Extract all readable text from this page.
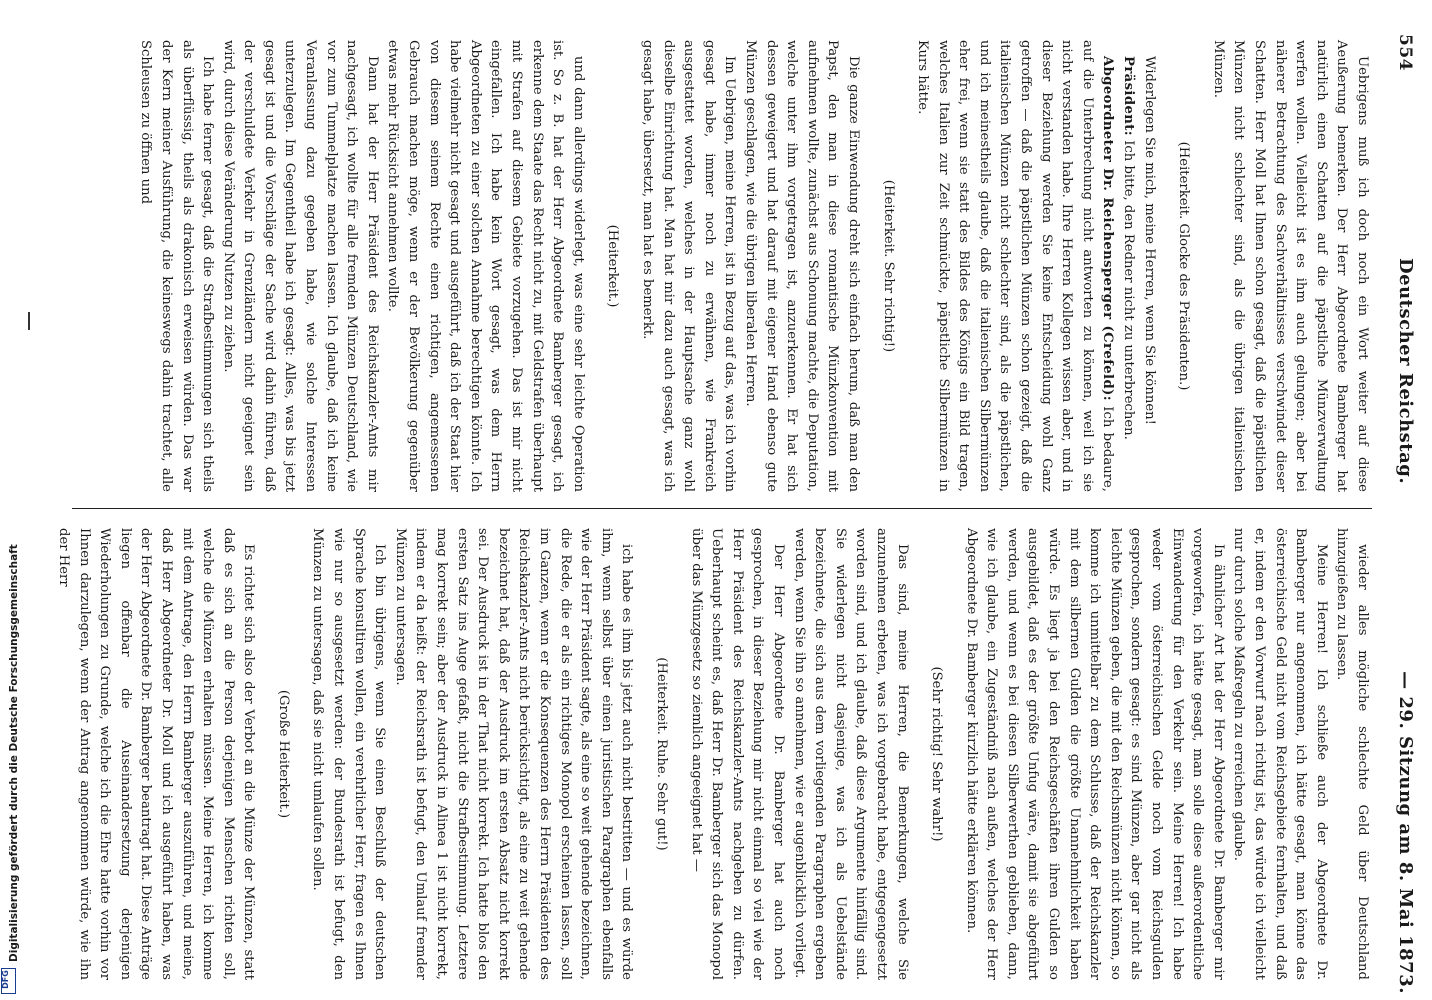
554
Deutscher Reichstag.
— 29. Sitzung am 8. Mai 1873.

Uebrigens muß ich doch noch ein Wort weiter auf diese Aeußerung bemerken. Der Herr Abgeordnete Bamberger hat natürlich einen Schatten auf die päpstliche Münzverwaltung werfen wollen. Vielleicht ist es ihm auch gelungen; aber bei näherer Betrachtung des Sachverhältnisses verschwindet dieser Schatten. Herr Moll hat Ihnen schon gesagt, daß die päpstlichen Münzen nicht schlechter sind, als die übrigen italienischen Münzen.

(Heiterkeit. Glocke des Präsidenten.)

Widerlegen Sie mich, meine Herren, wenn Sie können!

Präsident: Ich bitte, den Redner nicht zu unterbrechen.

Abgeordneter Dr. Reichensperger (Crefeld): Ich bedaure, auf die Unterbrechung nicht antworten zu können, weil ich sie nicht verstanden habe. Ihre Herren Kollegen wissen aber, und in dieser Beziehung werden Sie keine Entscheidung wohl Ganz getroffen — daß die päpstlichen Münzen schon gezeigt, daß die italienischen Münzen nicht schlechter sind, als die päpstlichen, und ich meinestheils glaube, daß die italienischen Silbermünzen eher frei, wenn sie statt des Bildes des Königs ein Bild tragen, welches Italien zur Zeit schmückte, päpstliche Silbermünzen in Kurs hätte.

(Heiterkeit. Sehr richtig!)

Die ganze Einwendung dreht sich einfach herum, daß man den Papst, den man in diese romantische Münzkonvention mit aufnehmen wollte, zunächst aus Schonung machte, die Deputation, welche unter ihm vorgetragen ist, anzuerkennen. Er hat sich dessen geweigert und hat darauf mit eigener Hand ebenso gute Münzen geschlagen, wie die übrigen liberalen Herren.

Im Uebrigen, meine Herren, ist in Bezug auf das, was ich vorhin gesagt habe, immer noch zu erwähnen, wie Frankreich ausgestattet worden, welches in der Hauptsache ganz wohl dieselbe Einrichtung hat. Man hat mir dazu auch gesagt, was ich gesagt habe, übersetzt, man hat es bemerkt.

(Heiterkeit.)

und dann allerdings widerlegt, was eine sehr leichte Operation ist. So z. B. hat der Herr Abgeordnete Bamberger gesagt, ich erkenne dem Staate das Recht nicht zu, mit Geldstrafen überhaupt mit Strafen auf diesem Gebiete vorzugehen. Das ist mir nicht eingefallen. Ich habe kein Wort gesagt, was dem Herrn Abgeordneten zu einer solchen Annahme berechtigen könnte. Ich habe vielmehr nicht gesagt und ausgeführt, daß ich der Staat hier von diesem seinem Rechte einen richtigen, angemessenen Gebrauch machen möge, wenn er der Bevölkerung gegenüber etwas mehr Rücksicht annehmen wollte.

Dann hat der Herr Präsident des Reichskanzler-Amts mir nachgesagt, ich wollte für alle fremden Münzen Deutschland, wie vor zum Tummelplatze machen lassen. Ich glaube, daß ich keine Veranlassung dazu gegeben habe, wie solche Interessen unterzulegen. Im Gegentheil habe ich gesagt: Alles, was bis jetzt gesagt ist und die Vorschläge der Sache wird dahin führen, daß der verschuldete Verkehr in Grenzländern nicht geeignet sein wird, durch diese Veränderung Nutzen zu ziehen.

Ich habe ferner gesagt, daß die Strafbestimmungen sich theils als überflüssig, theils als drakonisch erweisen würden. Das war der Kern meiner Ausführung, die keineswegs dahin trachtet, alle Schleusen zu öffnen und

wieder alles mögliche schlechte Geld über Deutschland hinzugießen zu lassen.

Meine Herren! Ich schließe auch der Abgeordnete Dr. Bamberger nur angenommen, ich hätte gesagt, man könne das österreichische Geld nicht vom Reichsgebiete fernhalten, und daß er, indem er den Vorwurf nach richtig ist, das würde ich vielleicht nur durch solche Maßregeln zu erreichen glaube.

In ähnlicher Art hat der Herr Abgeordnete Dr. Bamberger mir vorgeworfen, ich hätte gesagt, man solle diese außerordentliche Einwanderung für den Verkehr sein. Meine Herren! Ich habe weder vom österreichischen Gelde noch vom Reichsgulden gesprochen, sondern gesagt: es sind Münzen, aber gar nicht als leichte Münzen geben, die mit den Reichsmünzen nicht können, so komme ich unmittelbar zu dem Schlusse, daß der Reichskanzler mit dem silbernen Gulden die größte Unannehmlichkeit haben würde. Es liegt ja bei den Reichsgeschäften ihren Gulden so ausgebildet, daß es der größte Unfug wäre, damit sie abgeführt werden, und wenn es bei diesen Silberwerthen geblieben, dann, wie ich glaube, ein Zugeständniß nach außen, welches der Herr Abgeordnete Dr. Bamberger kürzlich hätte erklären können.

(Sehr richtig! Sehr wahr!)

Das sind, meine Herren, die Bemerkungen, welche Sie anzunehmen erbeten, was ich vorgebracht habe, entgegengesetzt worden sind, und ich glaube, daß diese Argumente hinfällig sind. Sie widerlegen nicht dasjenige, was ich als Uebelstände bezeichnete, die sich aus dem vorliegenden Paragraphen ergeben werden, wenn Sie ihn so annehmen, wie er augenblicklich vorliegt.

Der Herr Abgeordnete Dr. Bamberger hat auch noch gesprochen, in dieser Beziehung mir nicht einmal so viel wie der Herr Präsident des Reichskanzler-Amts nachgeben zu dürfen. Ueberhaupt scheint es, daß Herr Dr. Bamberger sich das Monopol über das Münzgesetz so ziemlich angeeignet hat —

(Heiterkeit. Ruhe. Sehr gut!)

ich habe es ihm bis jetzt auch nicht bestritten — und es würde ihm, wenn selbst über einen juristischen Paragraphen ebenfalls wie der Herr Präsident sagte, als eine so weit gehende bezeichnen, die Rede, die er als ein richtiges Monopol erscheinen lassen, soll im Ganzen, wenn er die Konsequenzen des Herrn Präsidenten des Reichskanzler-Amts nicht berücksichtigt, als eine zu weit gehende bezeichnet hat, daß der Ausdruck im ersten Absatz nicht korrekt sei. Der Ausdruck ist in der That nicht korrekt. Ich hatte blos den ersten Satz ins Auge gefaßt, nicht die Strafbestimmung. Letztere mag korrekt sein; aber der Ausdruck in Alinea 1 ist nicht korrekt, indem er da heißt: der Reichsrath ist befugt, den Umlauf fremder Münzen zu untersagen.

Ich bin übrigens, wenn Sie einen Beschluß der deutschen Sprache konsultiren wollen, ein verehrlicher Herr, fragen es Ihnen wie nur so ausgesetzt werden: der Bundesrath ist befugt, den Münzen zu untersagen, daß sie nicht umlaufen sollen.

(Große Heiterkeit.)

Es richtet sich also der Verbot an die Münze der Münzen, statt daß es sich an die Person derjenigen Menschen richten soll, welche die Münzen erhalten müssen. Meine Herren, ich komme mit dem Antrage, den Herrn Bamberger auszuführen, und meine, daß Herr Abgeordneter Dr. Moll und ich ausgeführt haben, was der Herr Abgeordnete Dr. Bamberger beantragt hat. Diese Anträge liegen offenbar die Auseinandersetzung derjenigen Wiederholungen zu Grunde, welche ich die Ehre hatte vorhin vor Ihnen darzulegen, wenn der Antrag angenommen würde, wie ihn der Herr

Digitalisierung gefördert durch die Deutsche Forschungsgemeinschaft
DFG
